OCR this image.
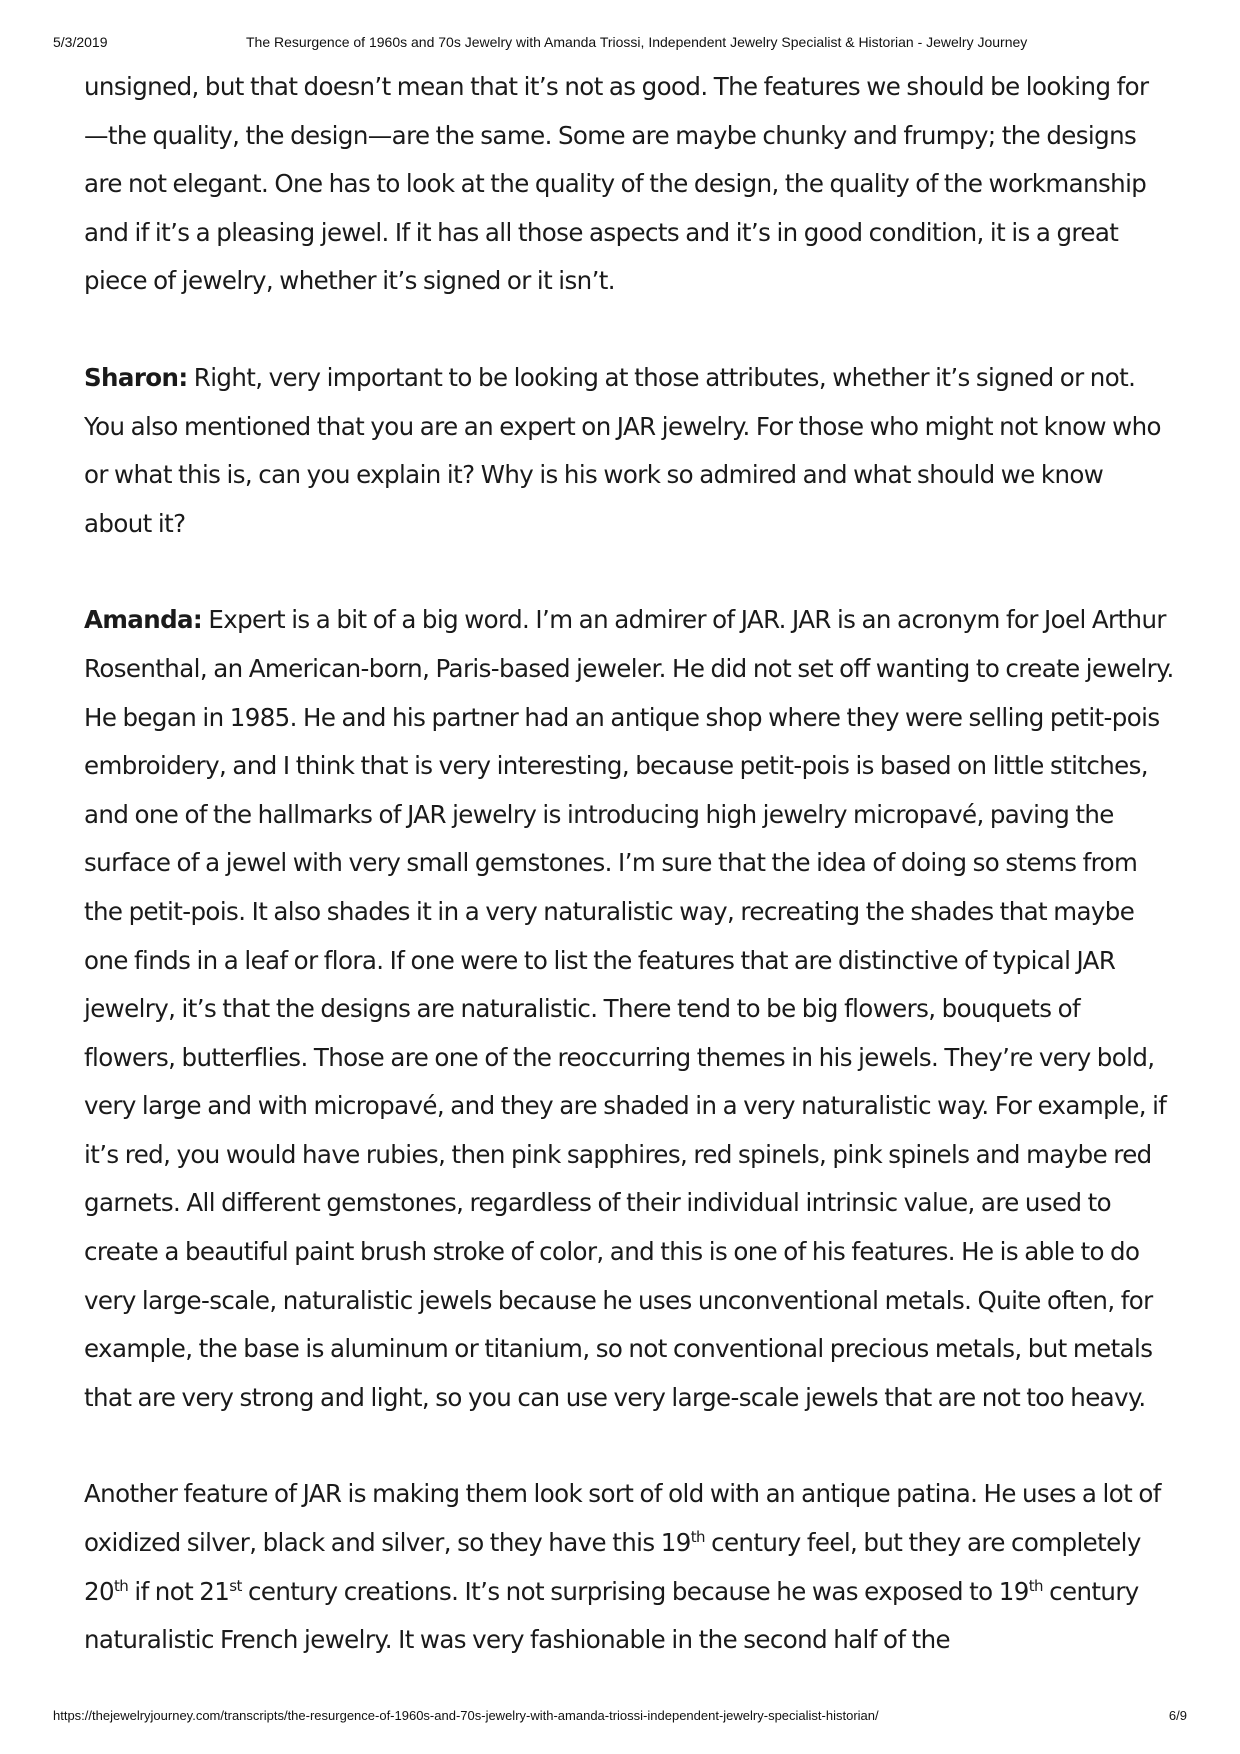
5/3/2019	The Resurgence of 1960s and 70s Jewelry with Amanda Triossi, Independent Jewelry Specialist & Historian - Jewelry Journey

unsigned, but that doesn’t mean that it’s not as good. The features we should be looking for —the quality, the design—are the same. Some are maybe chunky and frumpy; the designs are not elegant. One has to look at the quality of the design, the quality of the workmanship and if it’s a pleasing jewel. If it has all those aspects and it’s in good condition, it is a great piece of jewelry, whether it’s signed or it isn’t.

Sharon: Right, very important to be looking at those attributes, whether it’s signed or not. You also mentioned that you are an expert on JAR jewelry. For those who might not know who or what this is, can you explain it? Why is his work so admired and what should we know about it?

Amanda: Expert is a bit of a big word. I’m an admirer of JAR. JAR is an acronym for Joel Arthur Rosenthal, an American-born, Paris-based jeweler. He did not set off wanting to create jewelry. He began in 1985. He and his partner had an antique shop where they were selling petit-pois embroidery, and I think that is very interesting, because petit-pois is based on little stitches, and one of the hallmarks of JAR jewelry is introducing high jewelry micropavé, paving the surface of a jewel with very small gemstones. I’m sure that the idea of doing so stems from the petit-pois. It also shades it in a very naturalistic way, recreating the shades that maybe one finds in a leaf or flora. If one were to list the features that are distinctive of typical JAR jewelry, it’s that the designs are naturalistic. There tend to be big flowers, bouquets of flowers, butterflies. Those are one of the reoccurring themes in his jewels. They’re very bold, very large and with micropavé, and they are shaded in a very naturalistic way. For example, if it’s red, you would have rubies, then pink sapphires, red spinels, pink spinels and maybe red garnets. All different gemstones, regardless of their individual intrinsic value, are used to create a beautiful paint brush stroke of color, and this is one of his features. He is able to do very large-scale, naturalistic jewels because he uses unconventional metals. Quite often, for example, the base is aluminum or titanium, so not conventional precious metals, but metals that are very strong and light, so you can use very large-scale jewels that are not too heavy.

Another feature of JAR is making them look sort of old with an antique patina. He uses a lot of oxidized silver, black and silver, so they have this 19th century feel, but they are completely 20th if not 21st century creations. It’s not surprising because he was exposed to 19th century naturalistic French jewelry. It was very fashionable in the second half of the

https://thejewelryjourney.com/transcripts/the-resurgence-of-1960s-and-70s-jewelry-with-amanda-triossi-independent-jewelry-specialist-historian/	6/9
